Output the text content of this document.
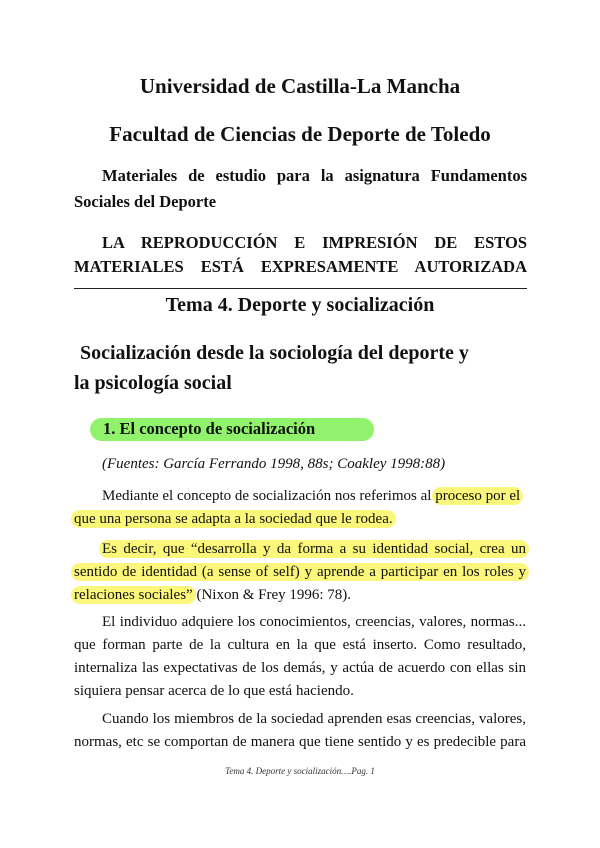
Universidad de Castilla-La Mancha
Facultad de Ciencias de Deporte de Toledo
Materiales de estudio para la asignatura Fundamentos
Sociales del Deporte
LA REPRODUCCIÓN E IMPRESIÓN DE ESTOS
MATERIALES ESTÁ EXPRESAMENTE AUTORIZADA
Tema 4. Deporte y socialización
Socialización desde la sociología del deporte y
la psicología social
1. El concepto de socialización
(Fuentes: García Ferrando 1998, 88s; Coakley 1998:88)
Mediante el concepto de socialización nos referimos al proceso por el
que una persona se adapta a la sociedad que le rodea.
Es decir, que “desarrolla y da forma a su identidad social, crea un
sentido de identidad (a sense of self) y aprende a participar en los roles y
relaciones sociales” (Nixon & Frey 1996: 78).
El individuo adquiere los conocimientos, creencias, valores, normas...
que forman parte de la cultura en la que está inserto. Como resultado,
internaliza las expectativas de los demás, y actúa de acuerdo con ellas sin
siquiera pensar acerca de lo que está haciendo.
Cuando los miembros de la sociedad aprenden esas creencias, valores,
normas, etc se comportan de manera que tiene sentido y es predecible para
Tema 4. Deporte y socialización….Pag. 1
